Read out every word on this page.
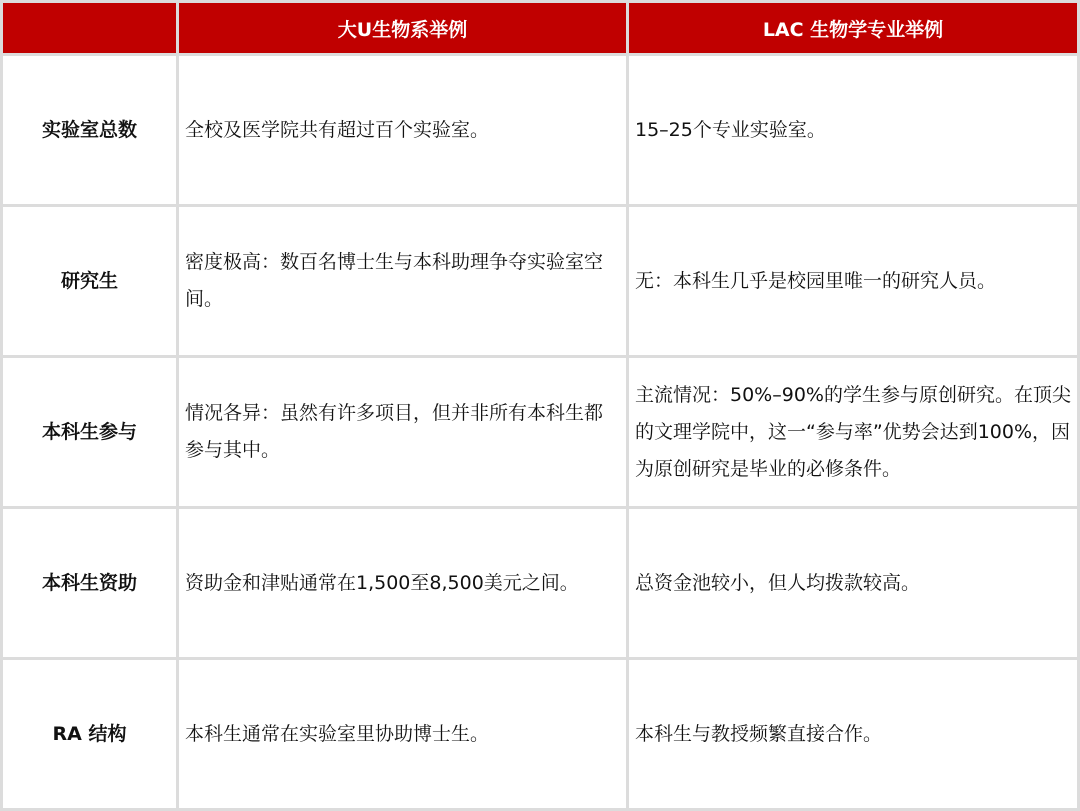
	大U生物系举例	LAC 生物学专业举例
实验室总数	全校及医学院共有超过百个实验室。	15–25个专业实验室。
研究生	密度极高：数百名博士生与本科助理争夺实验室空间。	无：本科生几乎是校园里唯一的研究人员。
本科生参与	情况各异：虽然有许多项目，但并非所有本科生都参与其中。	主流情况：50%–90%的学生参与原创研究。在顶尖的文理学院中，这一“参与率”优势会达到100%，因为原创研究是毕业的必修条件。
本科生资助	资助金和津贴通常在1,500至8,500美元之间。	总资金池较小，但人均拨款较高。
RA 结构	本科生通常在实验室里协助博士生。	本科生与教授频繁直接合作。
